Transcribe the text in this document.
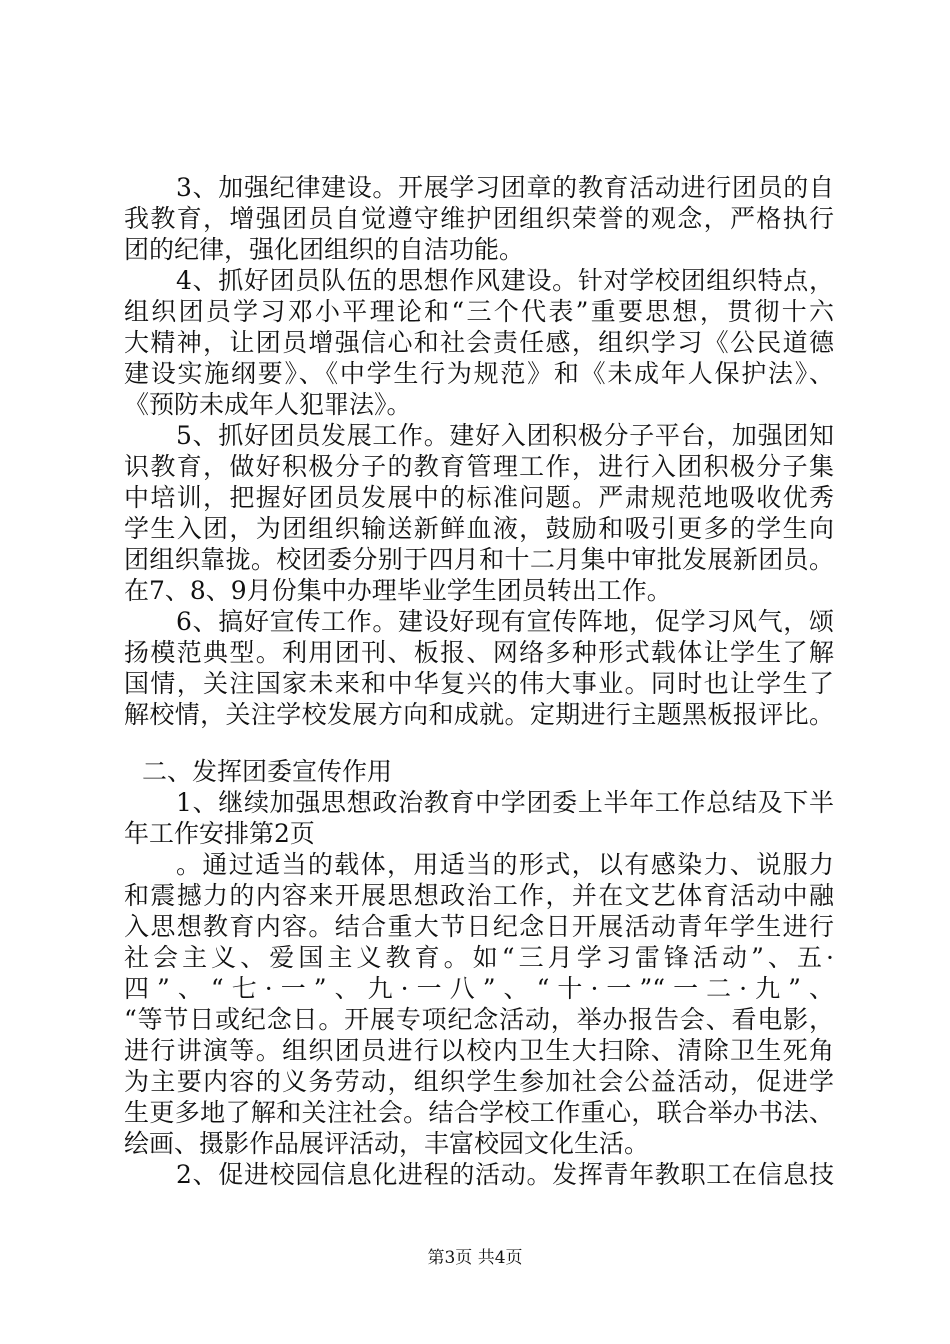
3、加强纪律建设。开展学习团章的教育活动进行团员的自
我教育，增强团员自觉遵守维护团组织荣誉的观念，严格执行
团的纪律，强化团组织的自洁功能。
4、抓好团员队伍的思想作风建设。针对学校团组织特点，
组织团员学习邓小平理论和“三个代表”重要思想，贯彻十六
大精神，让团员增强信心和社会责任感，组织学习《公民道德
建设实施纲要》、《中学生行为规范》和《未成年人保护法》、
《预防未成年人犯罪法》。
5、抓好团员发展工作。建好入团积极分子平台，加强团知
识教育，做好积极分子的教育管理工作，进行入团积极分子集
中培训，把握好团员发展中的标准问题。严肃规范地吸收优秀
学生入团，为团组织输送新鲜血液，鼓励和吸引更多的学生向
团组织靠拢。校团委分别于四月和十二月集中审批发展新团员。
在7、8、9月份集中办理毕业学生团员转出工作。
6、搞好宣传工作。建设好现有宣传阵地，促学习风气，颂
扬模范典型。利用团刊、板报、网络多种形式载体让学生了解
国情，关注国家未来和中华复兴的伟大事业。同时也让学生了
解校情，关注学校发展方向和成就。定期进行主题黑板报评比。
二、发挥团委宣传作用
1、继续加强思想政治教育中学团委上半年工作总结及下半
年工作安排第2页
。通过适当的载体，用适当的形式，以有感染力、说服力
和震撼力的内容来开展思想政治工作，并在文艺体育活动中融
入思想教育内容。结合重大节日纪念日开展活动青年学生进行
社会主义、爱国主义教育。如“三月学习雷锋活动”、五·
四”、“七·一”、九·一八”、“十·一”“一二·九”、
“等节日或纪念日。开展专项纪念活动，举办报告会、看电影，
进行讲演等。组织团员进行以校内卫生大扫除、清除卫生死角
为主要内容的义务劳动，组织学生参加社会公益活动，促进学
生更多地了解和关注社会。结合学校工作重心，联合举办书法、
绘画、摄影作品展评活动，丰富校园文化生活。
2、促进校园信息化进程的活动。发挥青年教职工在信息技
第3页 共4页
